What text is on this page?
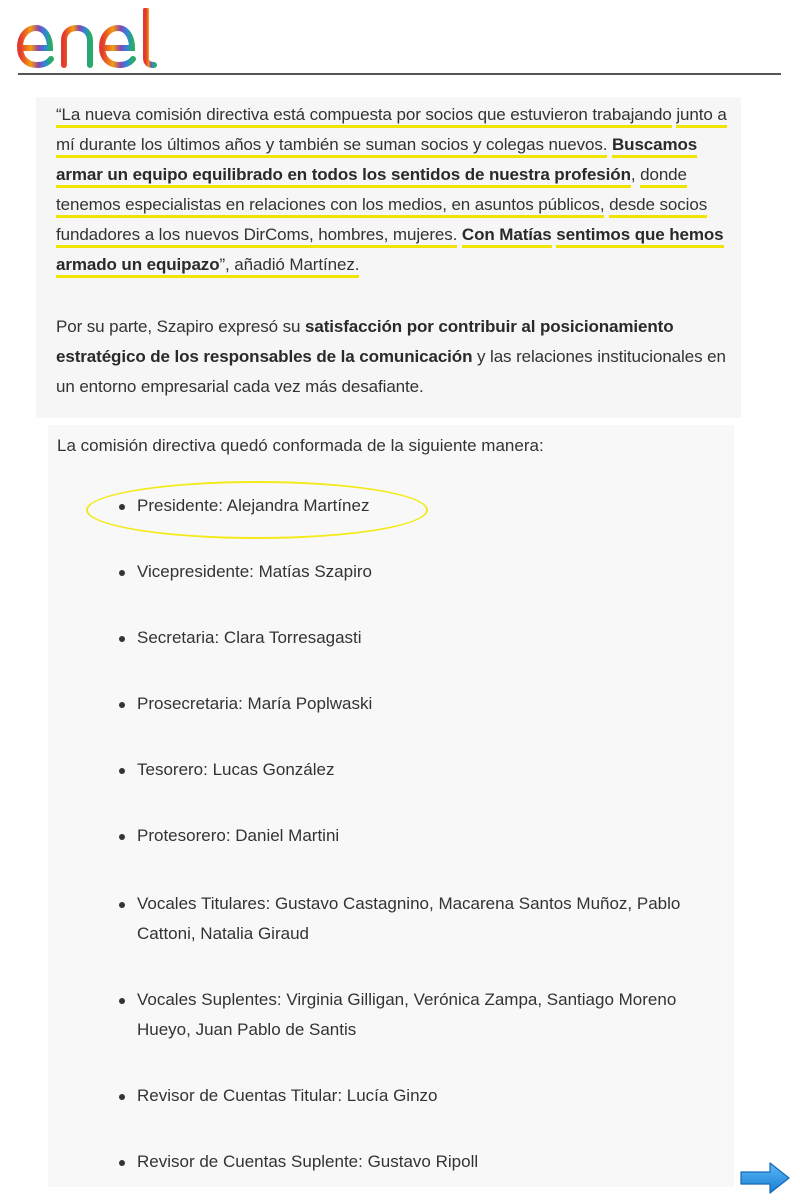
“La nueva comisión directiva está compuesta por socios que estuvieron trabajando junto a mí durante los últimos años y también se suman socios y colegas nuevos. Buscamos armar un equipo equilibrado en todos los sentidos de nuestra profesión, donde tenemos especialistas en relaciones con los medios, en asuntos públicos, desde socios fundadores a los nuevos DirComs, hombres, mujeres. Con Matías sentimos que hemos armado un equipazo”, añadió Martínez.

Por su parte, Szapiro expresó su satisfacción por contribuir al posicionamiento estratégico de los responsables de la comunicación y las relaciones institucionales en un entorno empresarial cada vez más desafiante.

La comisión directiva quedó conformada de la siguiente manera:

Presidente: Alejandra Martínez

Vicepresidente: Matías Szapiro

Secretaria: Clara Torresagasti

Prosecretaria: María Poplwaski

Tesorero: Lucas González

Protesorero: Daniel Martini

Vocales Titulares: Gustavo Castagnino, Macarena Santos Muñoz, Pablo Cattoni, Natalia Giraud

Vocales Suplentes: Virginia Gilligan, Verónica Zampa, Santiago Moreno Hueyo, Juan Pablo de Santis

Revisor de Cuentas Titular: Lucía Ginzo

Revisor de Cuentas Suplente: Gustavo Ripoll
